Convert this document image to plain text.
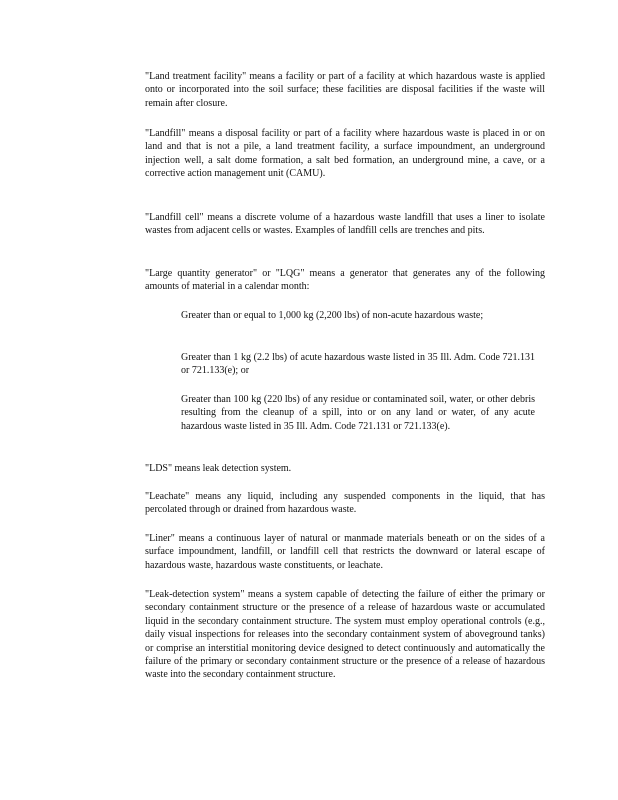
"Land treatment facility" means a facility or part of a facility at which hazardous waste is applied onto or incorporated into the soil surface; these facilities are disposal facilities if the waste will remain after closure.

"Landfill" means a disposal facility or part of a facility where hazardous waste is placed in or on land and that is not a pile, a land treatment facility, a surface impoundment, an underground injection well, a salt dome formation, a salt bed formation, an underground mine, a cave, or a corrective action management unit (CAMU).

"Landfill cell" means a discrete volume of a hazardous waste landfill that uses a liner to isolate wastes from adjacent cells or wastes. Examples of landfill cells are trenches and pits.

"Large quantity generator" or "LQG" means a generator that generates any of the following amounts of material in a calendar month:

Greater than or equal to 1,000 kg (2,200 lbs) of non-acute hazardous waste;

Greater than 1 kg (2.2 lbs) of acute hazardous waste listed in 35 Ill. Adm. Code 721.131 or 721.133(e); or

Greater than 100 kg (220 lbs) of any residue or contaminated soil, water, or other debris resulting from the cleanup of a spill, into or on any land or water, of any acute hazardous waste listed in 35 Ill. Adm. Code 721.131 or 721.133(e).

"LDS" means leak detection system.

"Leachate" means any liquid, including any suspended components in the liquid, that has percolated through or drained from hazardous waste.

"Liner" means a continuous layer of natural or manmade materials beneath or on the sides of a surface impoundment, landfill, or landfill cell that restricts the downward or lateral escape of hazardous waste, hazardous waste constituents, or leachate.

"Leak-detection system" means a system capable of detecting the failure of either the primary or secondary containment structure or the presence of a release of hazardous waste or accumulated liquid in the secondary containment structure. The system must employ operational controls (e.g., daily visual inspections for releases into the secondary containment system of aboveground tanks) or comprise an interstitial monitoring device designed to detect continuously and automatically the failure of the primary or secondary containment structure or the presence of a release of hazardous waste into the secondary containment structure.
